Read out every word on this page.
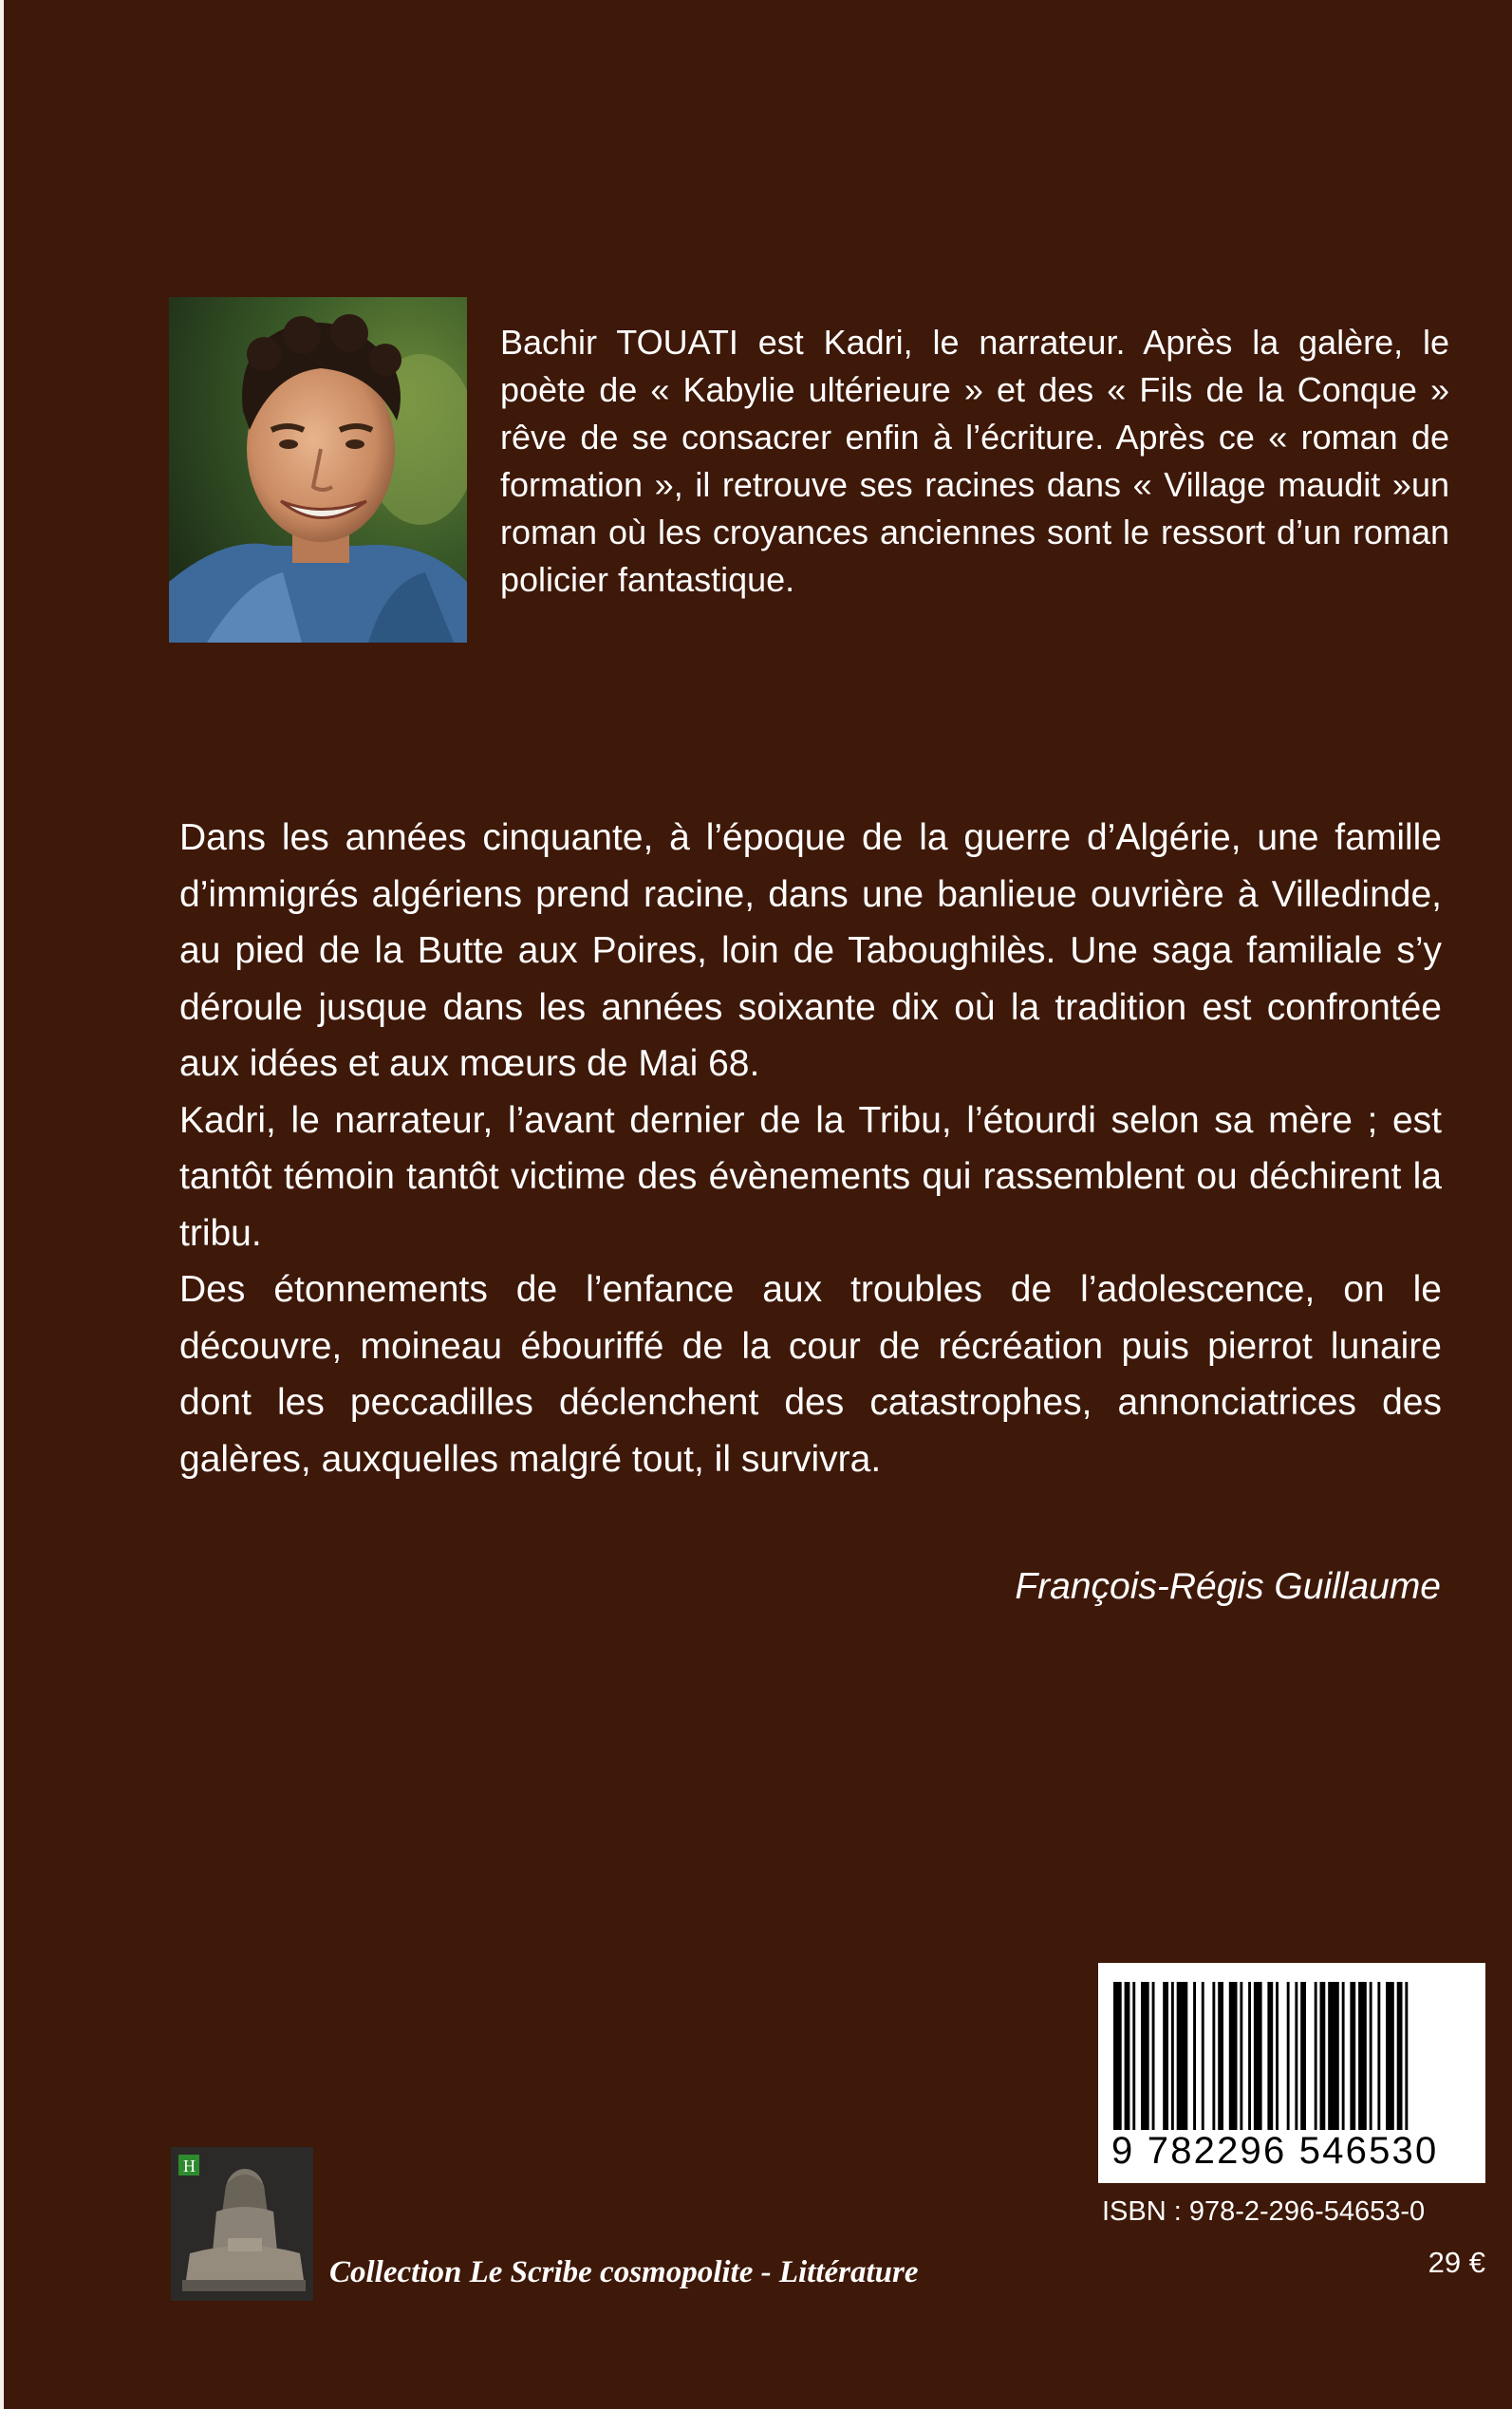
Bachir TOUATI est Kadri, le narrateur. Après la galère, le poète de « Kabylie ultérieure » et des « Fils de la Conque » rêve de se consacrer enfin à l’écriture. Après ce « roman de formation », il retrouve ses racines dans « Village maudit »un roman où les croyances anciennes sont le ressort d’un roman policier fantastique.

Dans les années cinquante, à l’époque de la guerre d’Algérie, une famille d’immigrés algériens prend racine, dans une banlieue ouvrière à Villedinde, au pied de la Butte aux Poires, loin de Taboughilès. Une saga familiale s’y déroule jusque dans les années soixante dix où la tradition est confrontée aux idées et aux mœurs de Mai 68.

Kadri, le narrateur, l’avant dernier de la Tribu, l’étourdi selon sa mère ; est tantôt témoin tantôt victime des évènements qui rassemblent ou déchirent la tribu.

Des étonnements de l’enfance aux troubles de l’adolescence, on le découvre, moineau ébouriffé de la cour de récréation puis pierrot lunaire dont les peccadilles déclenchent des catastrophes, annonciatrices des galères, auxquelles malgré tout, il survivra.

François-Régis Guillaume
9 782296 546530
ISBN : 978-2-296-54653-0
29 €
H
Collection Le Scribe cosmopolite - Littérature
